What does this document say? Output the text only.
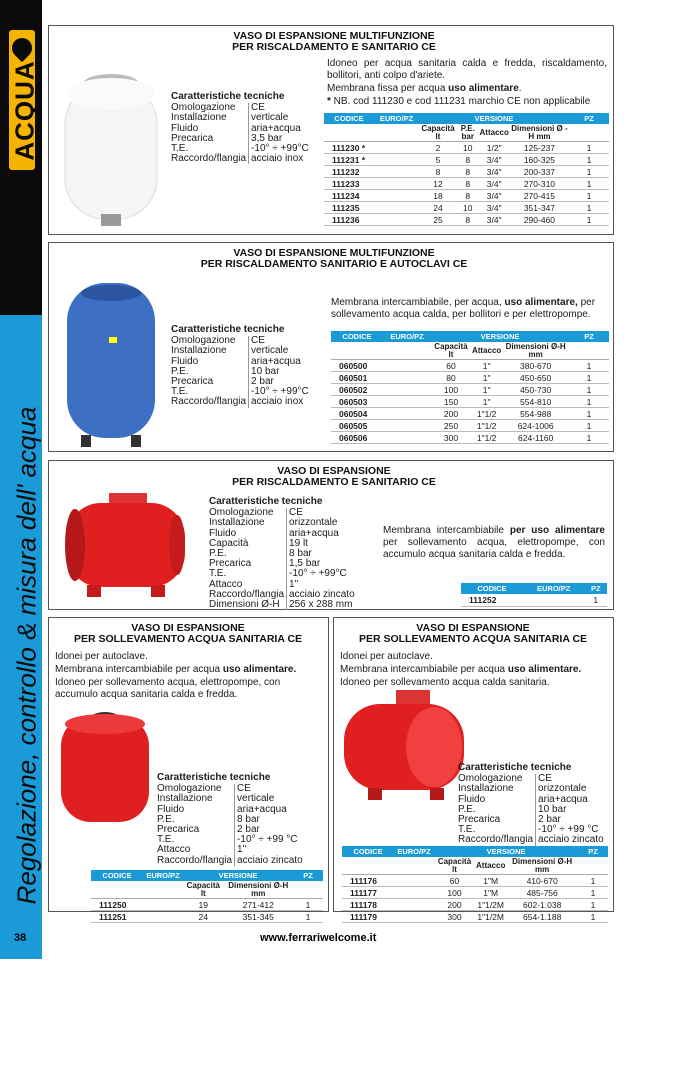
ACQUA
Regolazione, controllo & misura dell' acqua
38
VASO DI ESPANSIONE MULTIFUNZIONE
PER RISCALDAMENTO E SANITARIO CE
Caratteristiche tecniche
Omologazione	CE
Installazione	verticale
Fluido	aria+acqua
Precarica	3,5 bar
T.E.	-10° ÷ +99°C
Raccordo/flangia	acciaio inox

Idoneo per acqua sanitaria calda e fredda, riscaldamento, bollitori, anti colpo d'ariete.

Membrana fissa per acqua uso alimentare.

* NB. cod 111230 e cod 111231 marchio CE non applicabile

CODICE	EURO/PZ	VERSIONE				PZ
		Capacità lt	P.E. bar	Attacco	Dimensioni Ø - H mm	
111230 *		2	10	1/2"	125-237	1
111231 *		5	8	3/4"	160-325	1
111232		8	8	3/4"	200-337	1
111233		12	8	3/4"	270-310	1
111234		18	8	3/4"	270-415	1
111235		24	10	3/4"	351-347	1
111236		25	8	3/4"	290-460	1
VASO DI ESPANSIONE MULTIFUNZIONE
PER RISCALDAMENTO SANITARIO E AUTOCLAVI CE
Caratteristiche tecniche
Omologazione	CE
Installazione	verticale
Fluido	aria+acqua
P.E.	10 bar
Precarica	2 bar
T.E.	-10° ÷ +99°C
Raccordo/flangia	acciaio inox

Membrana intercambiabile, per acqua, uso alimentare, per sollevamento acqua calda, per bollitori e per elettropompe.

CODICE	EURO/PZ	VERSIONE			PZ
		Capacità lt	Attacco	Dimensioni Ø-H mm	
060500		60	1"	380-670	1
060501		80	1"	450-650	1
060502		100	1"	450-730	1
060503		150	1"	554-810	1
060504		200	1"1/2	554-988	1
060505		250	1"1/2	624-1006	1
060506		300	1"1/2	624-1160	1
VASO DI ESPANSIONE
PER RISCALDAMENTO E SANITARIO CE
Caratteristiche tecniche
Omologazione	CE
Installazione	orizzontale
Fluido	aria+acqua
Capacità	19 lt
P.E.	8 bar
Precarica	1,5 bar
T.E.	-10° ÷ +99°C
Attacco	1"
Raccordo/flangia	acciaio zincato
Dimensioni Ø-H	256 x 288 mm

Membrana intercambiabile per uso alimentare per sollevamento acqua, elettropompe, con accumulo acqua sanitaria calda e fredda.

CODICE	EURO/PZ	PZ
111252		1
VASO DI ESPANSIONE
PER SOLLEVAMENTO ACQUA SANITARIA CE

Idonei per autoclave.

Membrana intercambiabile per acqua uso alimentare.

Idoneo per sollevamento acqua, elettropompe, con accumulo acqua sanitaria calda e fredda.

Caratteristiche tecniche
Omologazione	CE
Installazione	verticale
Fluido	aria+acqua
P.E.	8 bar
Precarica	2 bar
T.E.	-10° ÷ +99 °C
Attacco	1"
Raccordo/flangia	acciaio zincato
CODICE	EURO/PZ	VERSIONE		PZ
		Capacità lt	Dimensioni Ø-H mm	
111250		19	271-412	1
111251		24	351-345	1
VASO DI ESPANSIONE
PER SOLLEVAMENTO ACQUA SANITARIA CE

Idonei per autoclave.

Membrana intercambiabile per acqua uso alimentare.

Idoneo per sollevamento acqua calda sanitaria.

Caratteristiche tecniche
Omologazione	CE
Installazione	orizzontale
Fluido	aria+acqua
P.E.	10 bar
Precarica	2 bar
T.E.	-10° ÷ +99 °C
Raccordo/flangia	acciaio zincato
CODICE	EURO/PZ	VERSIONE			PZ
		Capacità lt	Attacco	Dimensioni Ø-H mm	
111176		60	1"M	410-670	1
111177		100	1"M	485-756	1
111178		200	1"1/2M	602-1.038	1
111179		300	1"1/2M	654-1.188	1
www.ferrariwelcome.it
